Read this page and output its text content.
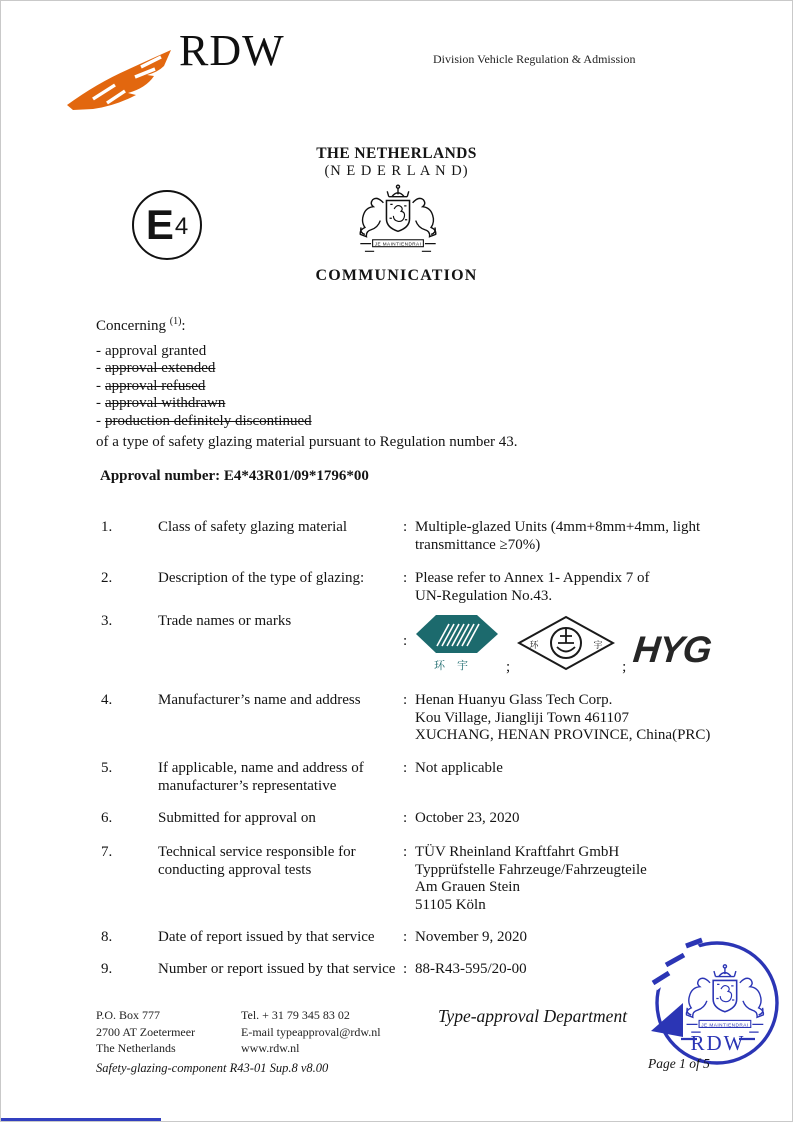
RDW	Division Vehicle Regulation & Admission
THE NETHERLANDS
(N E D E R L A N D)
COMMUNICATION
E 4
Concerning $^{(1)}$:
- approval granted
- approval extended
- approval refused
- approval withdrawn
- production definitely discontinued
of a type of safety glazing material pursuant to Regulation number 43.
Approval number: E4*43R01/09*1796*00
1.	Class of safety glazing material	: Multiple-glazed Units (4mm+8mm+4mm, light
transmittance ≥70%)
2.	Description of the type of glazing:	: Please refer to Annex 1- Appendix 7 of
UN-Regulation No.43.
3.	Trade names or marks
:
环宇 ;
环	宇
; HYG
4.	Manufacturer’s name and address	: Henan Huanyu Glass Tech Corp.
Kou Village, Jiangliji Town 461107
XUCHANG, HENAN PROVINCE, China(PRC)
5.	If applicable, name and address of
manufacturer’s representative
: Not applicable
6.	Submitted for approval on	: October 23, 2020
7.	Technical service responsible for
conducting approval tests
: TÜV Rheinland Kraftfahrt GmbH
Typprüfstelle Fahrzeuge/Fahrzeugteile
Am Grauen Stein
51105 Köln
8.	Date of report issued by that service	: November 9, 2020
9.	Number or report issued by that service : 88-R43-595/20-00
P.O. Box 777
2700 AT Zoetermeer
The Netherlands
Tel. + 31 79 345 83 02
E-mail typeapproval@rdw.nl
www.rdw.nl
Type-approval Department
RDW
Safety-glazing-component R43-01 Sup.8 v8.00	Page 1 of 5
